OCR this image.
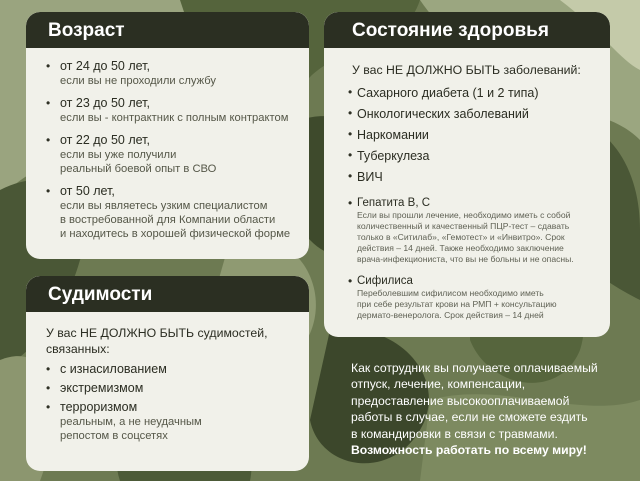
Возраст
• от 24 до 50 лет,
если вы не проходили службу
• от 23 до 50 лет,
если вы - контрактник с полным контрактом
• от 22 до 50 лет,
если вы уже получили
реальный боевой опыт в СВО
• от 50 лет,
если вы являетесь узким специалистом
в востребованной для Компании области
и находитесь в хорошей физической форме
Судимости
У вас НЕ ДОЛЖНО БЫТЬ судимостей,
связанных:
• с изнасилованием
• экстремизмом
• терроризмом
реальным, а не неудачным
репостом в соцсетях
Состояние здоровья
У вас НЕ ДОЛЖНО БЫТЬ заболеваний:
• Сахарного диабета (1 и 2 типа)
• Онкологических заболеваний
• Наркомании
• Туберкулеза
• ВИЧ
• Гепатита В, С
Если вы прошли лечение, необходимо иметь с собой
количественный и качественный ПЦР-тест – сдавать
только в «Ситилаб», «Гемотест» и «Инвитро». Срок
действия – 14 дней. Также необходимо заключение
врача-инфекциониста, что вы не больны и не опасны.
• Сифилиса
Переболевшим сифилисом необходимо иметь
при себе результат крови на РМП + консультацию
дермато-венеролога. Срок действия – 14 дней
Как сотрудник вы получаете оплачиваемый
отпуск, лечение, компенсации,
предоставление высокооплачиваемой
работы в случае, если не сможете ездить
в командировки в связи с травмами.
Возможность работать по всему миру!
